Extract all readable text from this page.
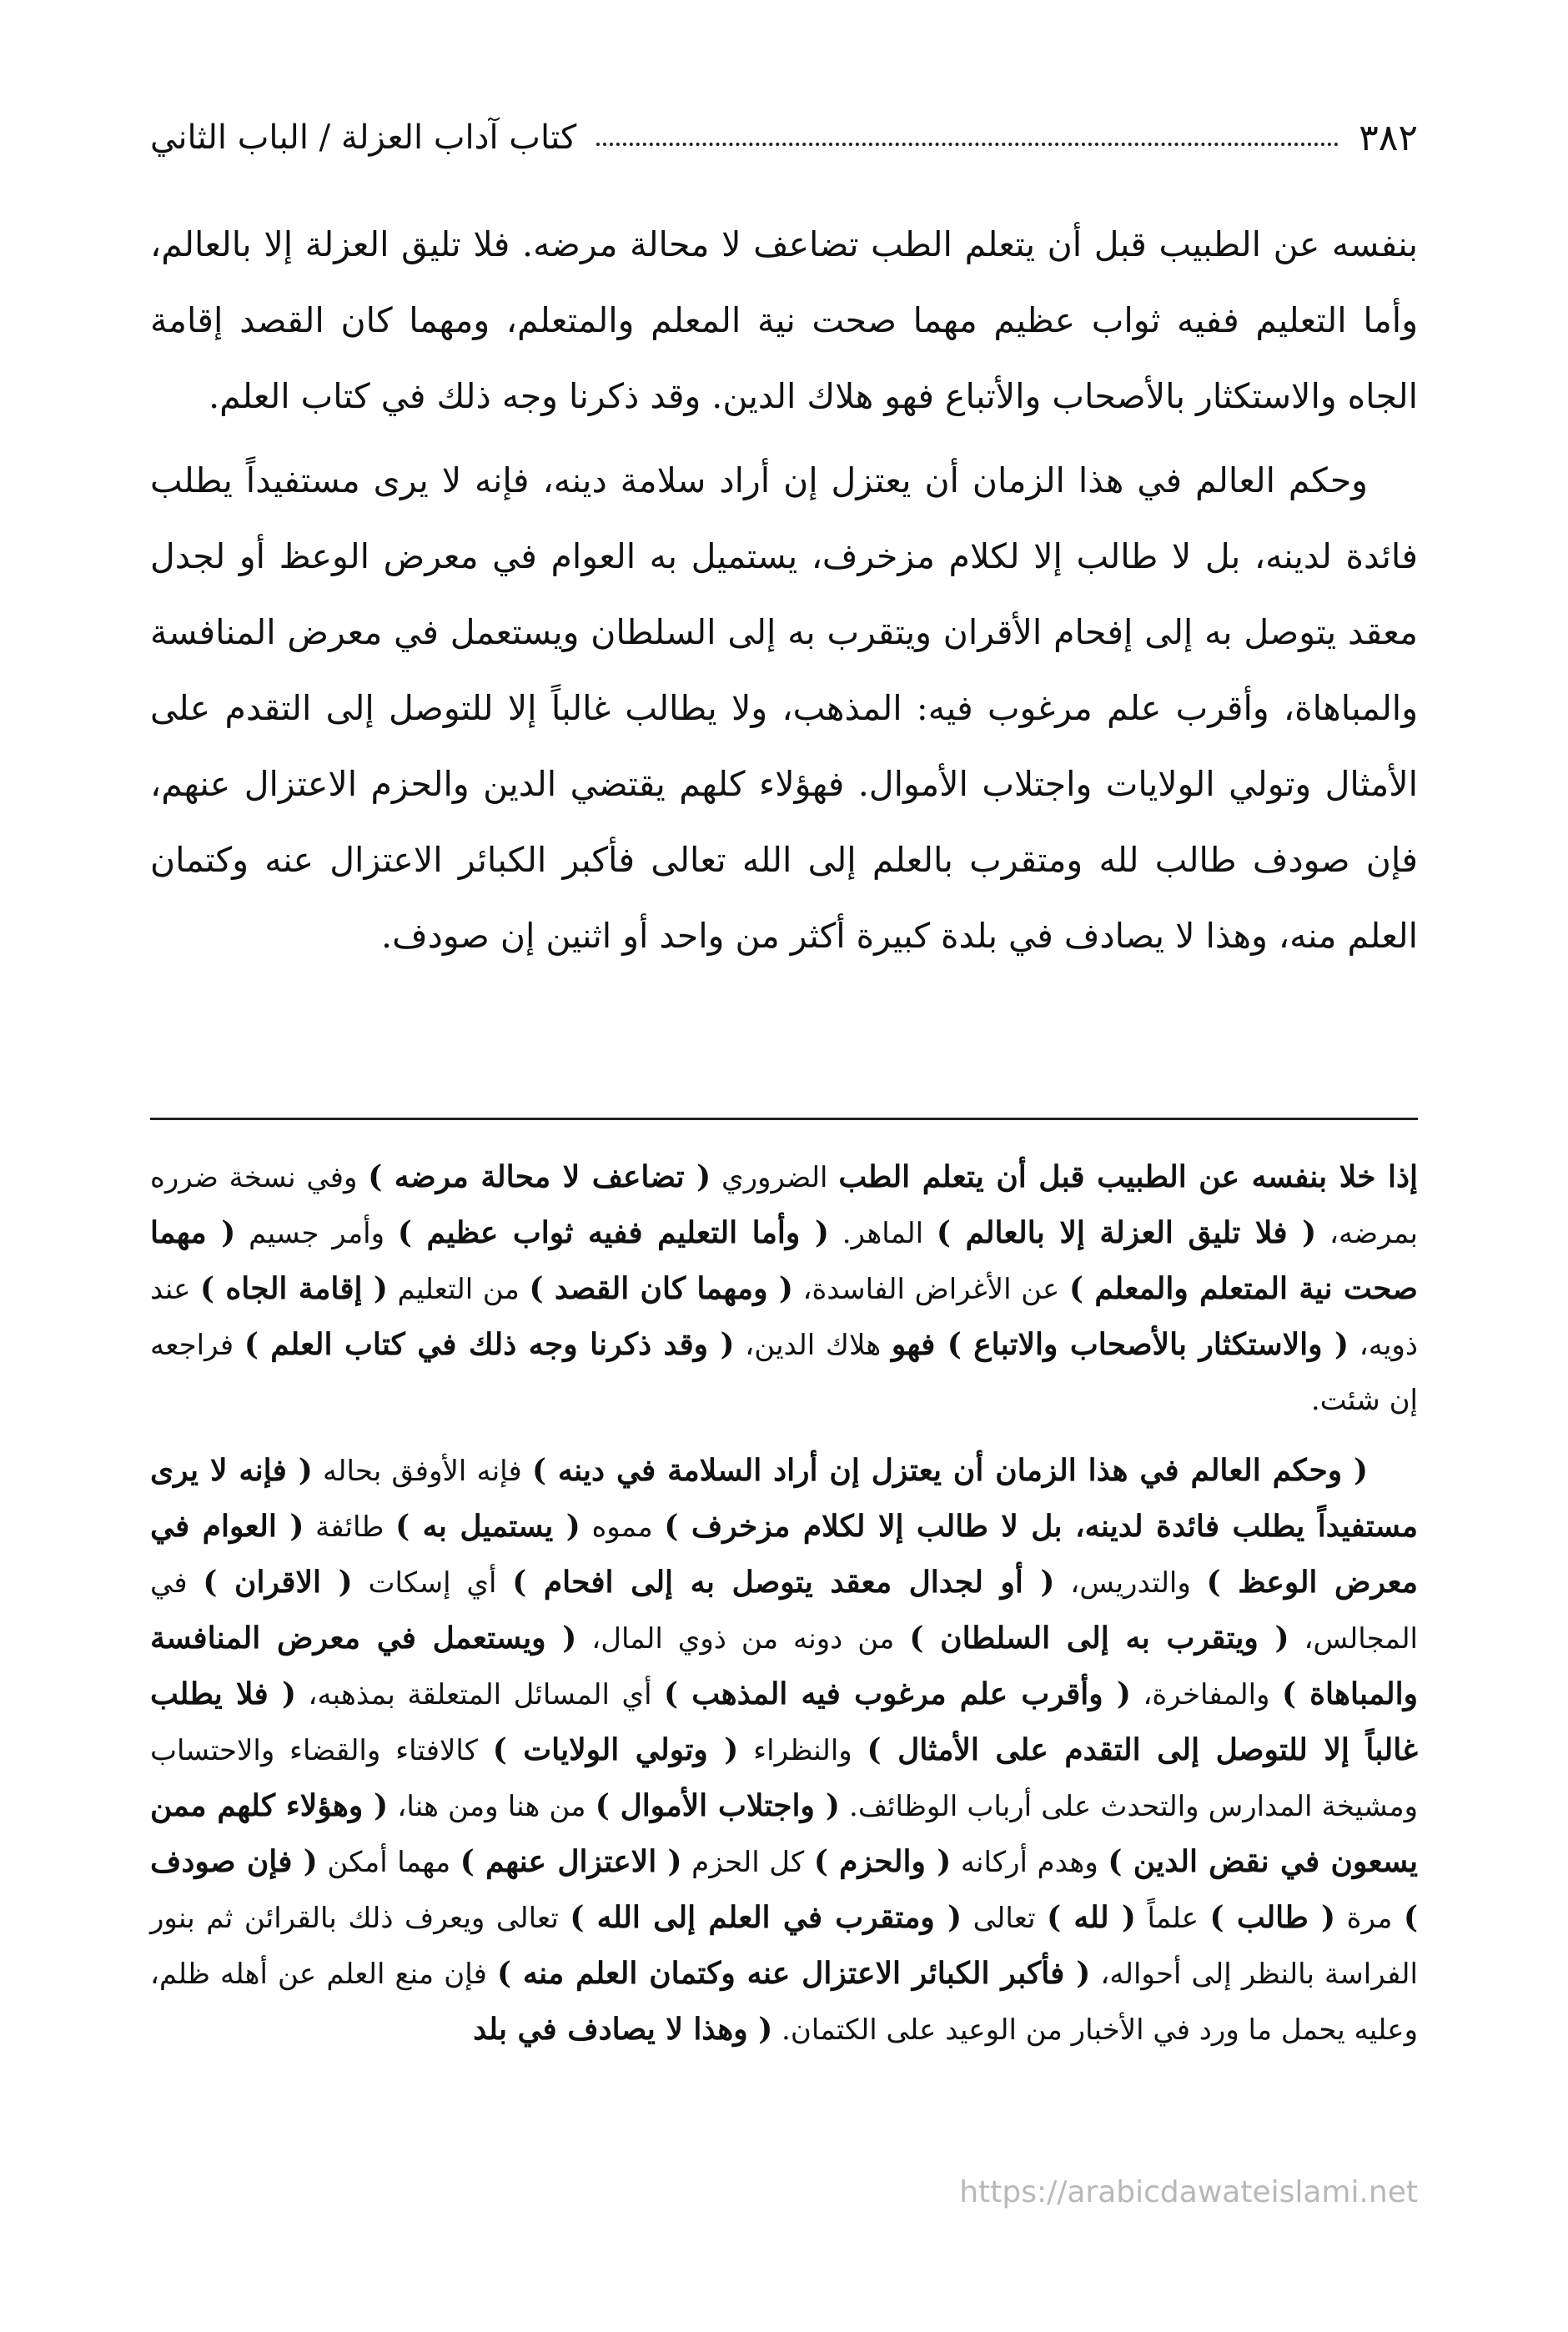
٣٨٢
كتاب آداب العزلة / الباب الثاني

بنفسه عن الطبيب قبل أن يتعلم الطب تضاعف لا محالة مرضه. فلا تليق العزلة إلا بالعالم، وأما التعليم ففيه ثواب عظيم مهما صحت نية المعلم والمتعلم، ومهما كان القصد إقامة الجاه والاستكثار بالأصحاب والأتباع فهو هلاك الدين. وقد ذكرنا وجه ذلك في كتاب العلم.

وحكم العالم في هذا الزمان أن يعتزل إن أراد سلامة دينه، فإنه لا يرى مستفيداً يطلب فائدة لدينه، بل لا طالب إلا لكلام مزخرف، يستميل به العوام في معرض الوعظ أو لجدل معقد يتوصل به إلى إفحام الأقران ويتقرب به إلى السلطان ويستعمل في معرض المنافسة والمباهاة، وأقرب علم مرغوب فيه: المذهب، ولا يطالب غالباً إلا للتوصل إلى التقدم على الأمثال وتولي الولايات واجتلاب الأموال. فهؤلاء كلهم يقتضي الدين والحزم الاعتزال عنهم، فإن صودف طالب لله ومتقرب بالعلم إلى الله تعالى فأكبر الكبائر الاعتزال عنه وكتمان العلم منه، وهذا لا يصادف في بلدة كبيرة أكثر من واحد أو اثنين إن صودف.

إذا خلا بنفسه عن الطبيب قبل أن يتعلم الطب الضروري ( تضاعف لا محالة مرضه ) وفي نسخة ضرره بمرضه، ( فلا تليق العزلة إلا بالعالم ) الماهر. ( وأما التعليم ففيه ثواب عظيم ) وأمر جسيم ( مهما صحت نية المتعلم والمعلم ) عن الأغراض الفاسدة، ( ومهما كان القصد ) من التعليم ( إقامة الجاه ) عند ذويه، ( والاستكثار بالأصحاب والاتباع ) فهو هلاك الدين، ( وقد ذكرنا وجه ذلك في كتاب العلم ) فراجعه إن شئت.

( وحكم العالم في هذا الزمان أن يعتزل إن أراد السلامة في دينه ) فإنه الأوفق بحاله ( فإنه لا يرى مستفيداً يطلب فائدة لدينه، بل لا طالب إلا لكلام مزخرف ) مموه ( يستميل به ) طائفة ( العوام في معرض الوعظ ) والتدريس، ( أو لجدال معقد يتوصل به إلى افحام ) أي إسكات ( الاقران ) في المجالس، ( ويتقرب به إلى السلطان ) من دونه من ذوي المال، ( ويستعمل في معرض المنافسة والمباهاة ) والمفاخرة، ( وأقرب علم مرغوب فيه المذهب ) أي المسائل المتعلقة بمذهبه، ( فلا يطلب غالباً إلا للتوصل إلى التقدم على الأمثال ) والنظراء ( وتولي الولايات ) كالافتاء والقضاء والاحتساب ومشيخة المدارس والتحدث على أرباب الوظائف. ( واجتلاب الأموال ) من هنا ومن هنا، ( وهؤلاء كلهم ممن يسعون في نقض الدين ) وهدم أركانه ( والحزم ) كل الحزم ( الاعتزال عنهم ) مهما أمكن ( فإن صودف ) مرة ( طالب ) علماً ( لله ) تعالى ( ومتقرب في العلم إلى الله ) تعالى ويعرف ذلك بالقرائن ثم بنور الفراسة بالنظر إلى أحواله، ( فأكبر الكبائر الاعتزال عنه وكتمان العلم منه ) فإن منع العلم عن أهله ظلم، وعليه يحمل ما ورد في الأخبار من الوعيد على الكتمان. ( وهذا لا يصادف في بلد

https://arabicdawateislami.net
